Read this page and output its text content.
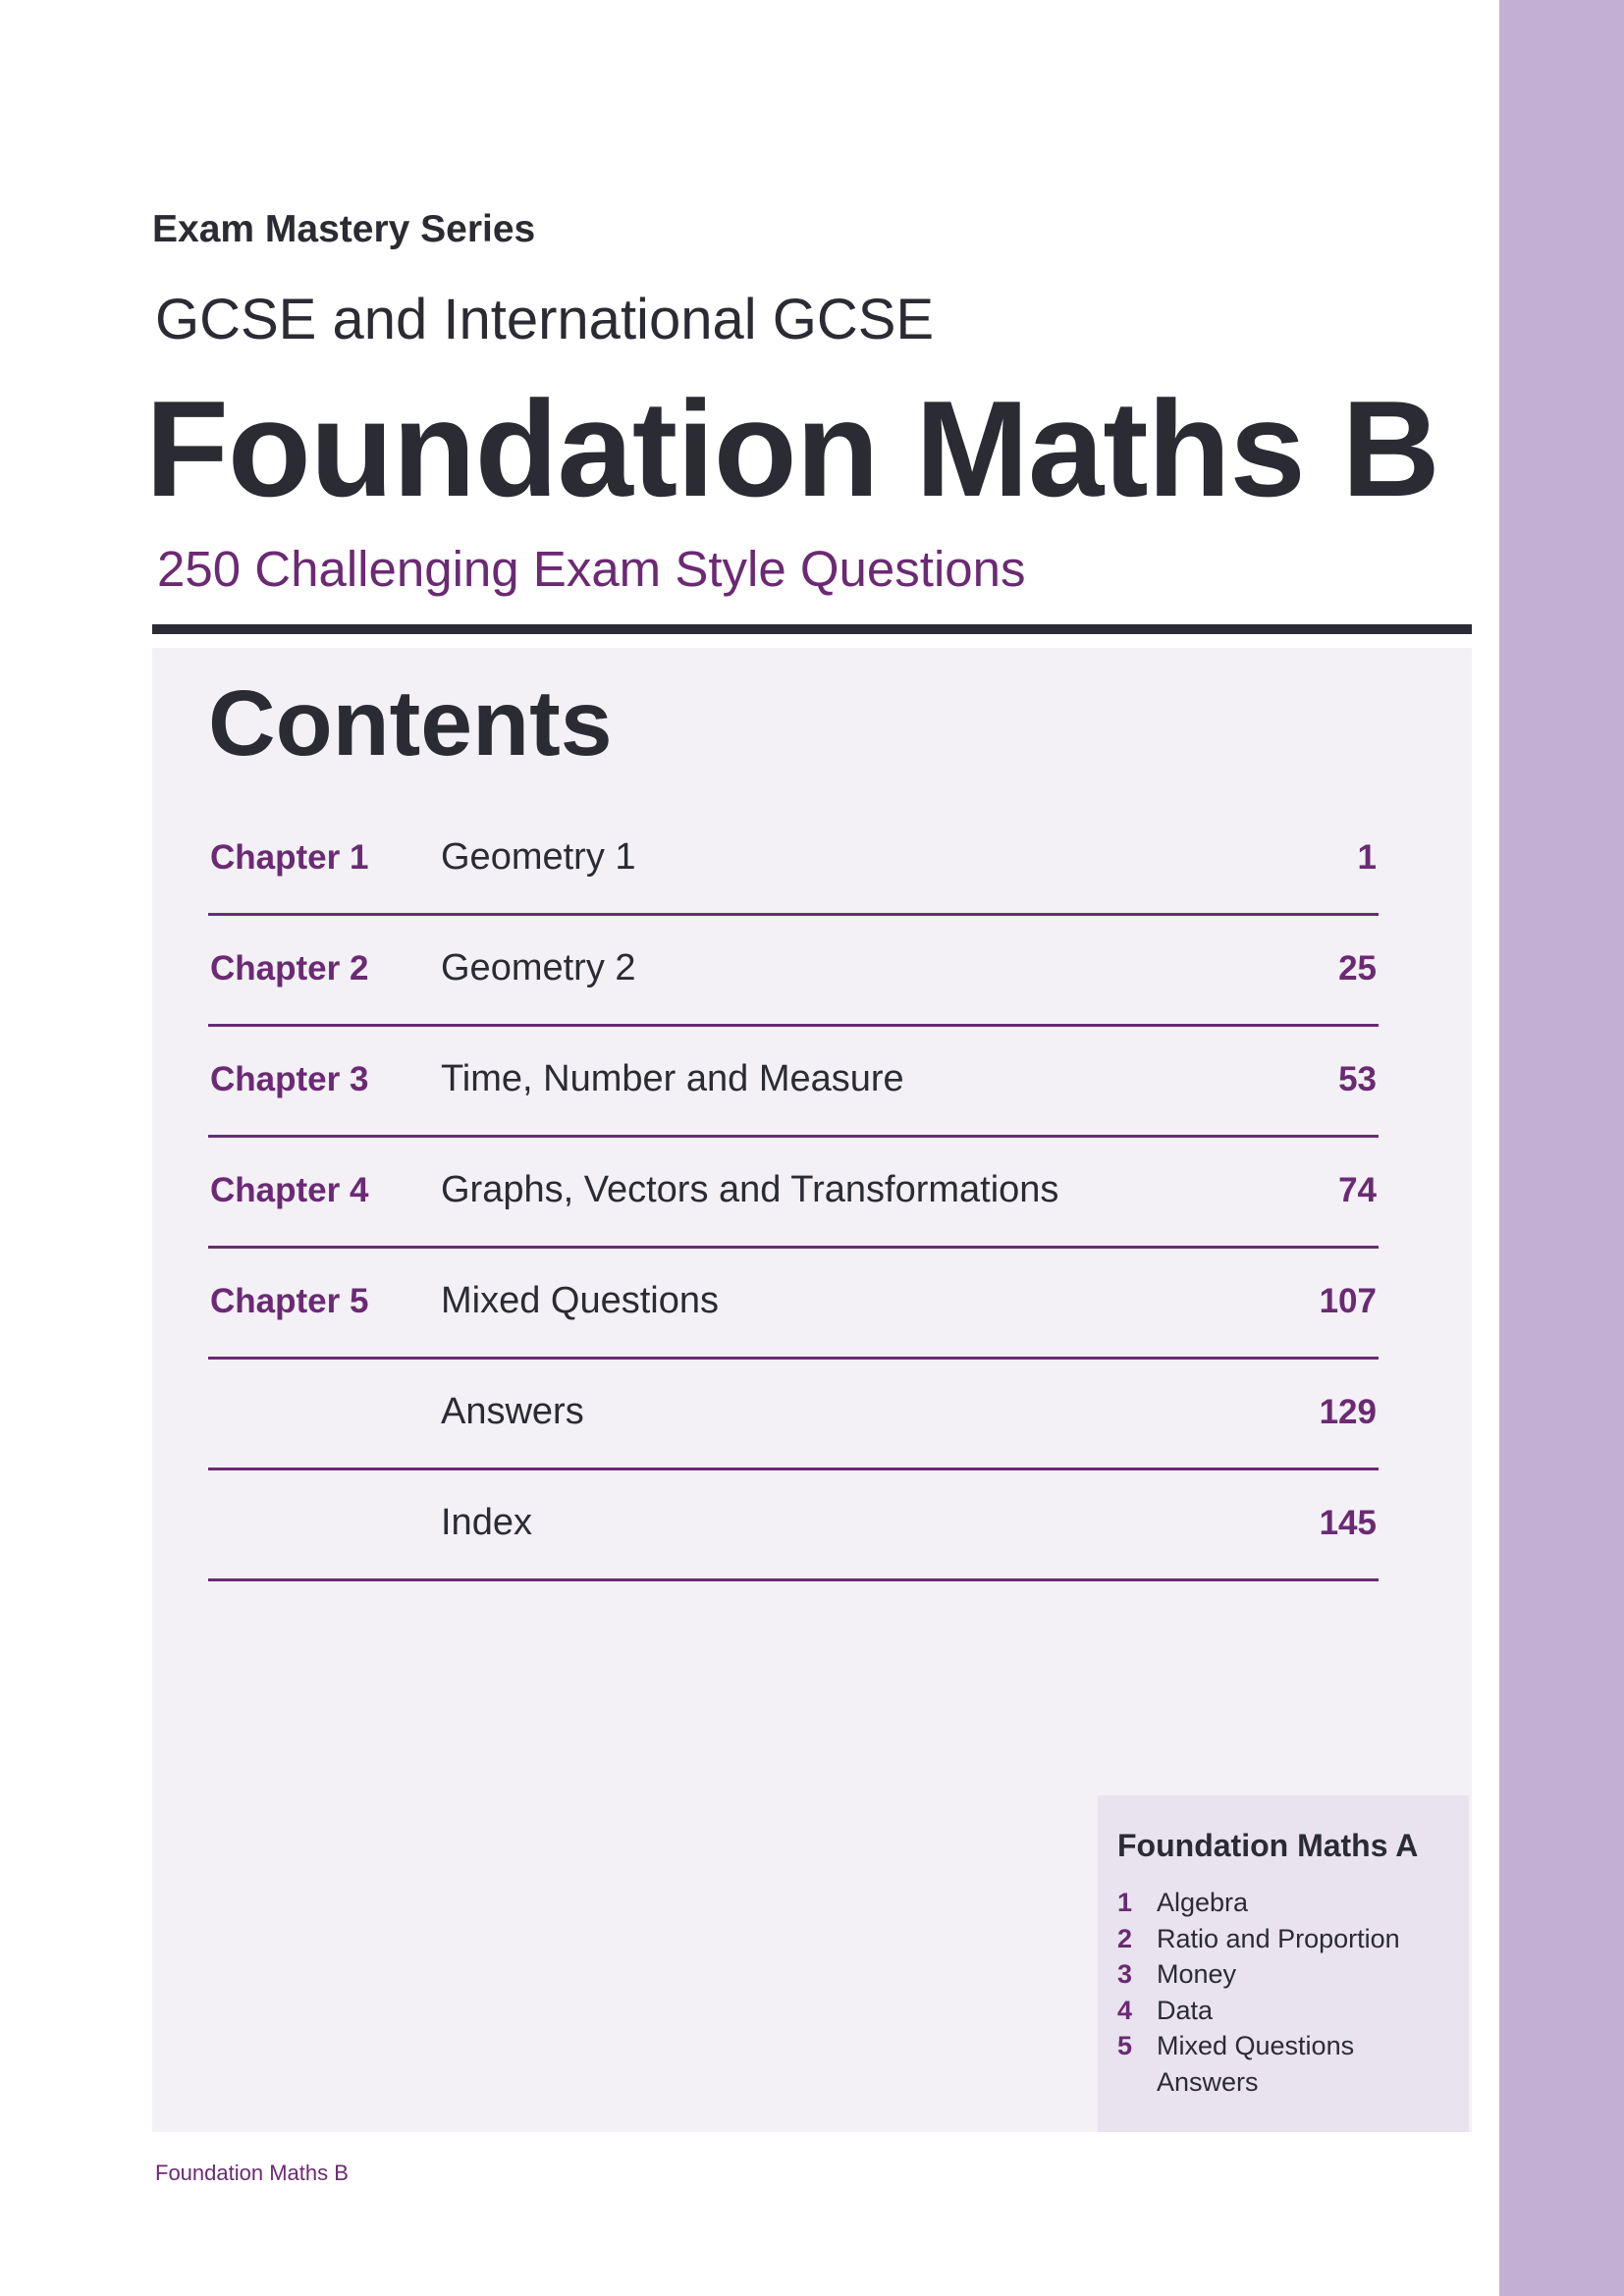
Exam Mastery Series
GCSE and International GCSE
Foundation Maths B
250 Challenging Exam Style Questions
Contents
Chapter 1 Geometry 1	1
Chapter 2 Geometry 2	25
Chapter 3 Time, Number and Measure	53
Chapter 4 Graphs, Vectors and Transformations	74
Chapter 5 Mixed Questions	107
Answers	129
Index	145
Foundation Maths A
1 Algebra
2 Ratio and Proportion
3 Money
4 Data
5 Mixed Questions
Answers
Foundation Maths B
